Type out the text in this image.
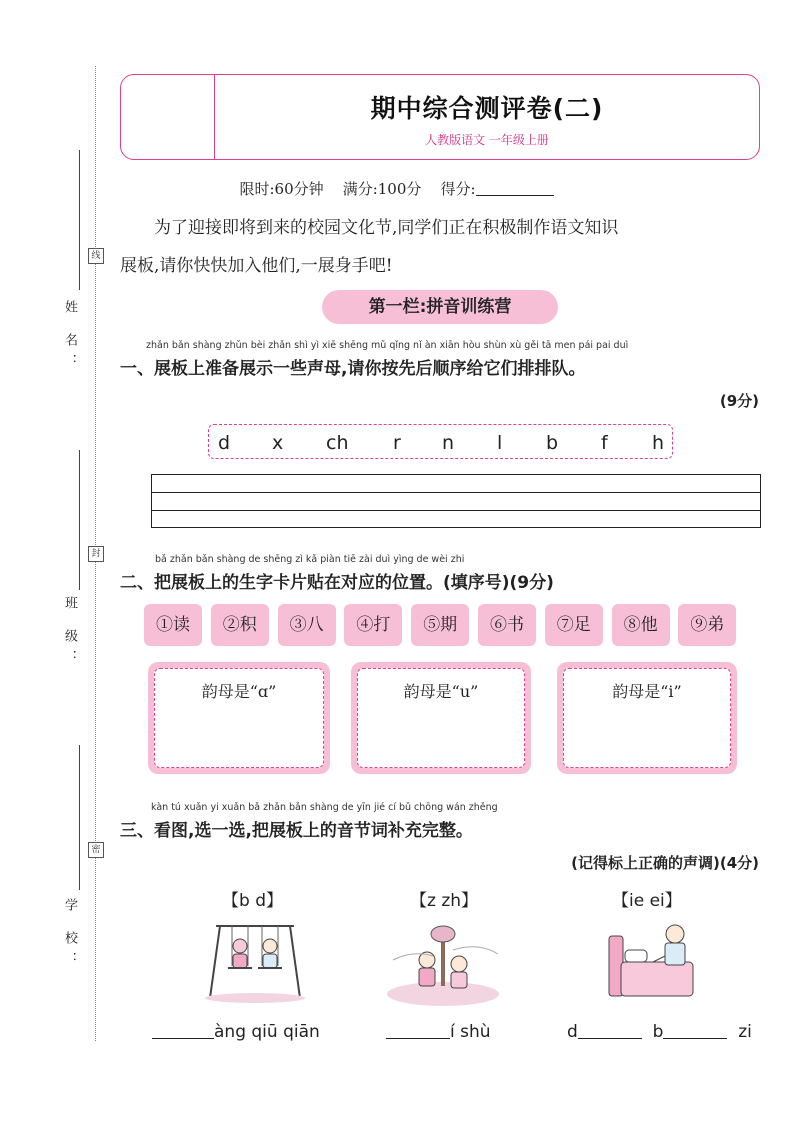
线
封
密
姓 名：
班 级：
学 校：
期中综合测评卷(二)
人教版语文 一年级上册
限时:60分钟 满分:100分 得分:
为了迎接即将到来的校园文化节,同学们正在积极制作语文知识
展板,请你快快加入他们,一展身手吧!
第一栏:拼音训练营
zhǎn bǎn shàng zhǔn bèi zhǎn shì yì xiē shēng mǔ qǐng nǐ àn xiān hòu shùn xù gěi tā men pái pai duì
一、展板上准备展示一些声母,请你按先后顺序给它们排排队。
(9分)
d x ch r n l b f h
bǎ zhǎn bǎn shàng de shēng zì kǎ piàn tiē zài duì yìng de wèi zhi
二、把展板上的生字卡片贴在对应的位置。(填序号)(9分)
①读	②积	③八	④打	⑤期	⑥书	⑦足	⑧他	⑨弟
韵母是“ɑ”	韵母是“u”	韵母是“i”
kàn tú xuǎn yi xuǎn bǎ zhǎn bǎn shàng de yīn jié cí bǔ chōng wán zhěng
三、看图,选一选,把展板上的音节词补充完整。
(记得标上正确的声调)(4分)
【b d】	【z zh】	【ie ei】
àng qiū qiān	í shù	d	b	zi
